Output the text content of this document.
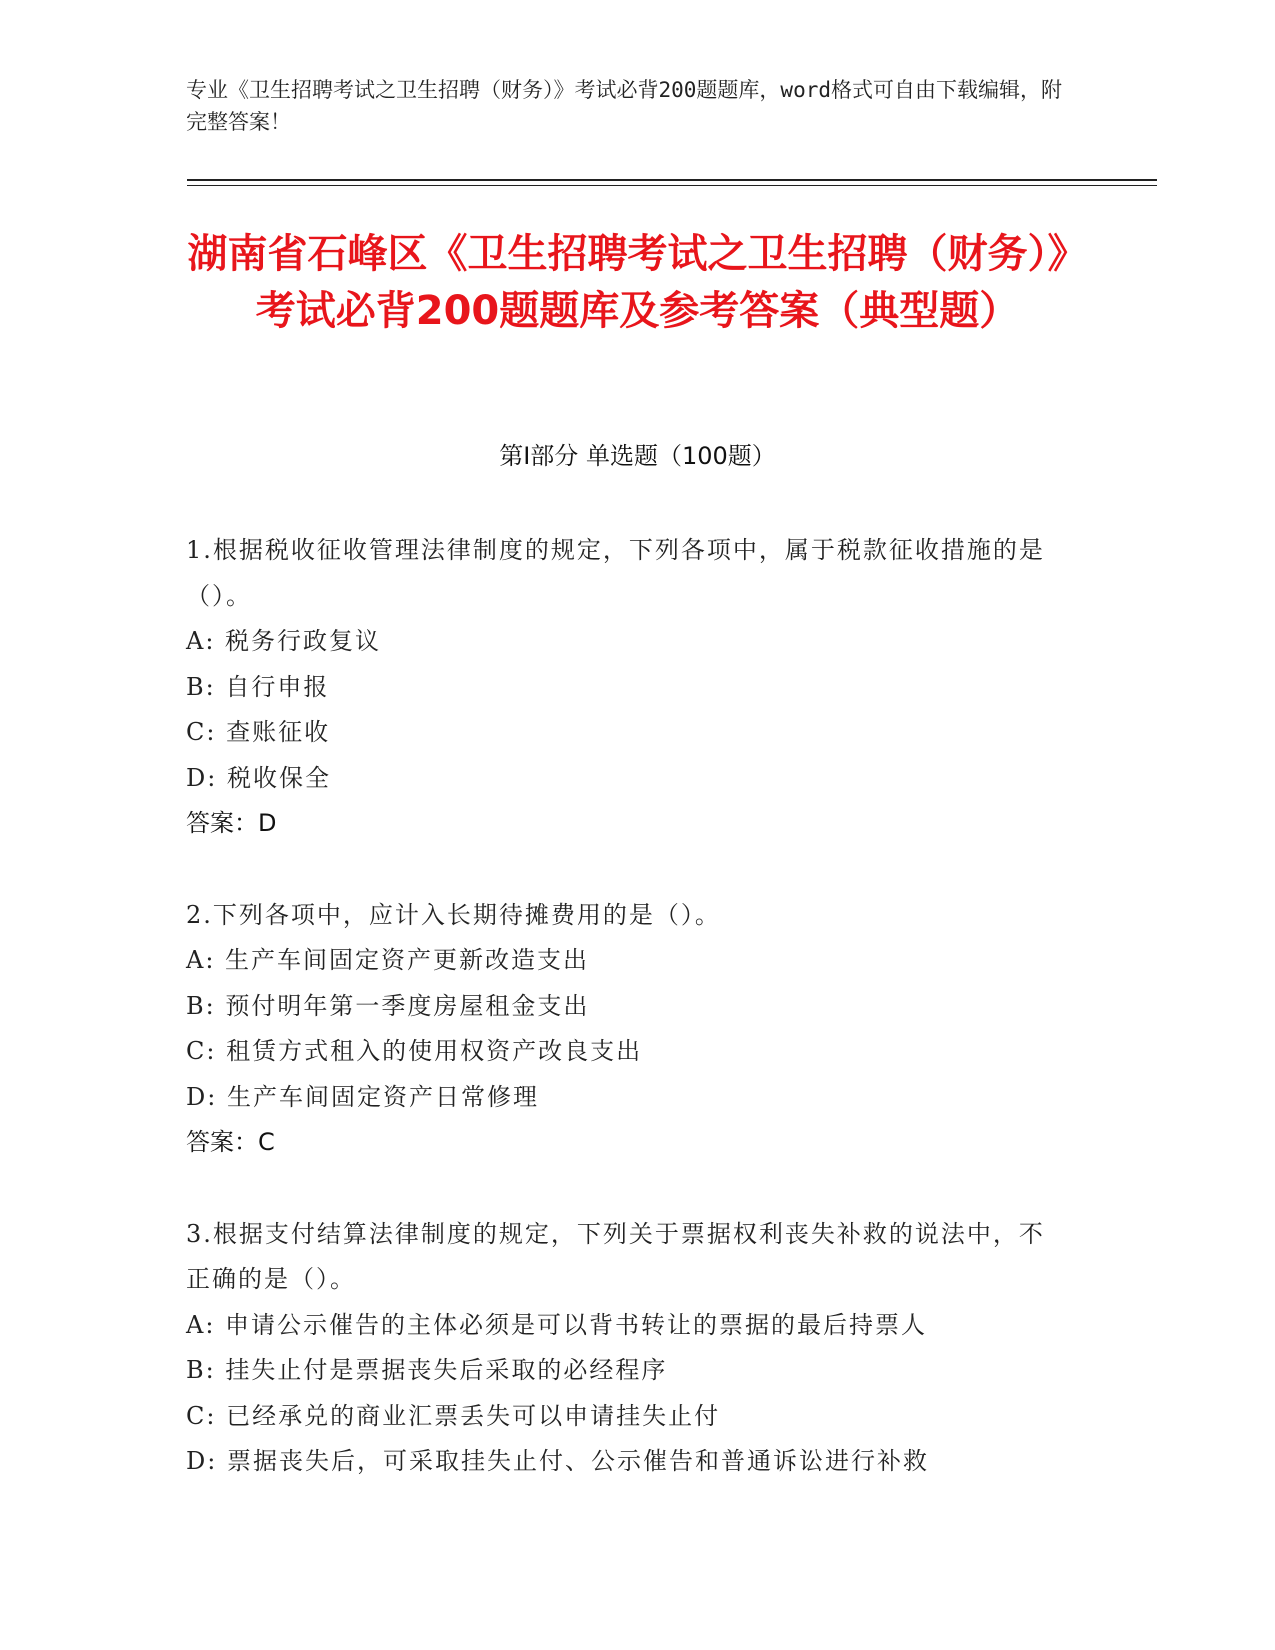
专业《卫生招聘考试之卫生招聘（财务）》考试必背200题题库，word格式可自由下载编辑，附完整答案！
湖南省石峰区《卫生招聘考试之卫生招聘（财务）》考试必背200题题库及参考答案（典型题）
第Ⅰ部分 单选题（100题）
1.根据税收征收管理法律制度的规定，下列各项中，属于税款征收措施的是（）。
A: 税务行政复议
B: 自行申报
C: 查账征收
D: 税收保全
答案：D
2.下列各项中，应计入长期待摊费用的是（）。
A: 生产车间固定资产更新改造支出
B: 预付明年第一季度房屋租金支出
C: 租赁方式租入的使用权资产改良支出
D: 生产车间固定资产日常修理
答案：C
3.根据支付结算法律制度的规定，下列关于票据权利丧失补救的说法中，不正确的是（）。
A: 申请公示催告的主体必须是可以背书转让的票据的最后持票人
B: 挂失止付是票据丧失后采取的必经程序
C: 已经承兑的商业汇票丢失可以申请挂失止付
D: 票据丧失后，可采取挂失止付、公示催告和普通诉讼进行补救
